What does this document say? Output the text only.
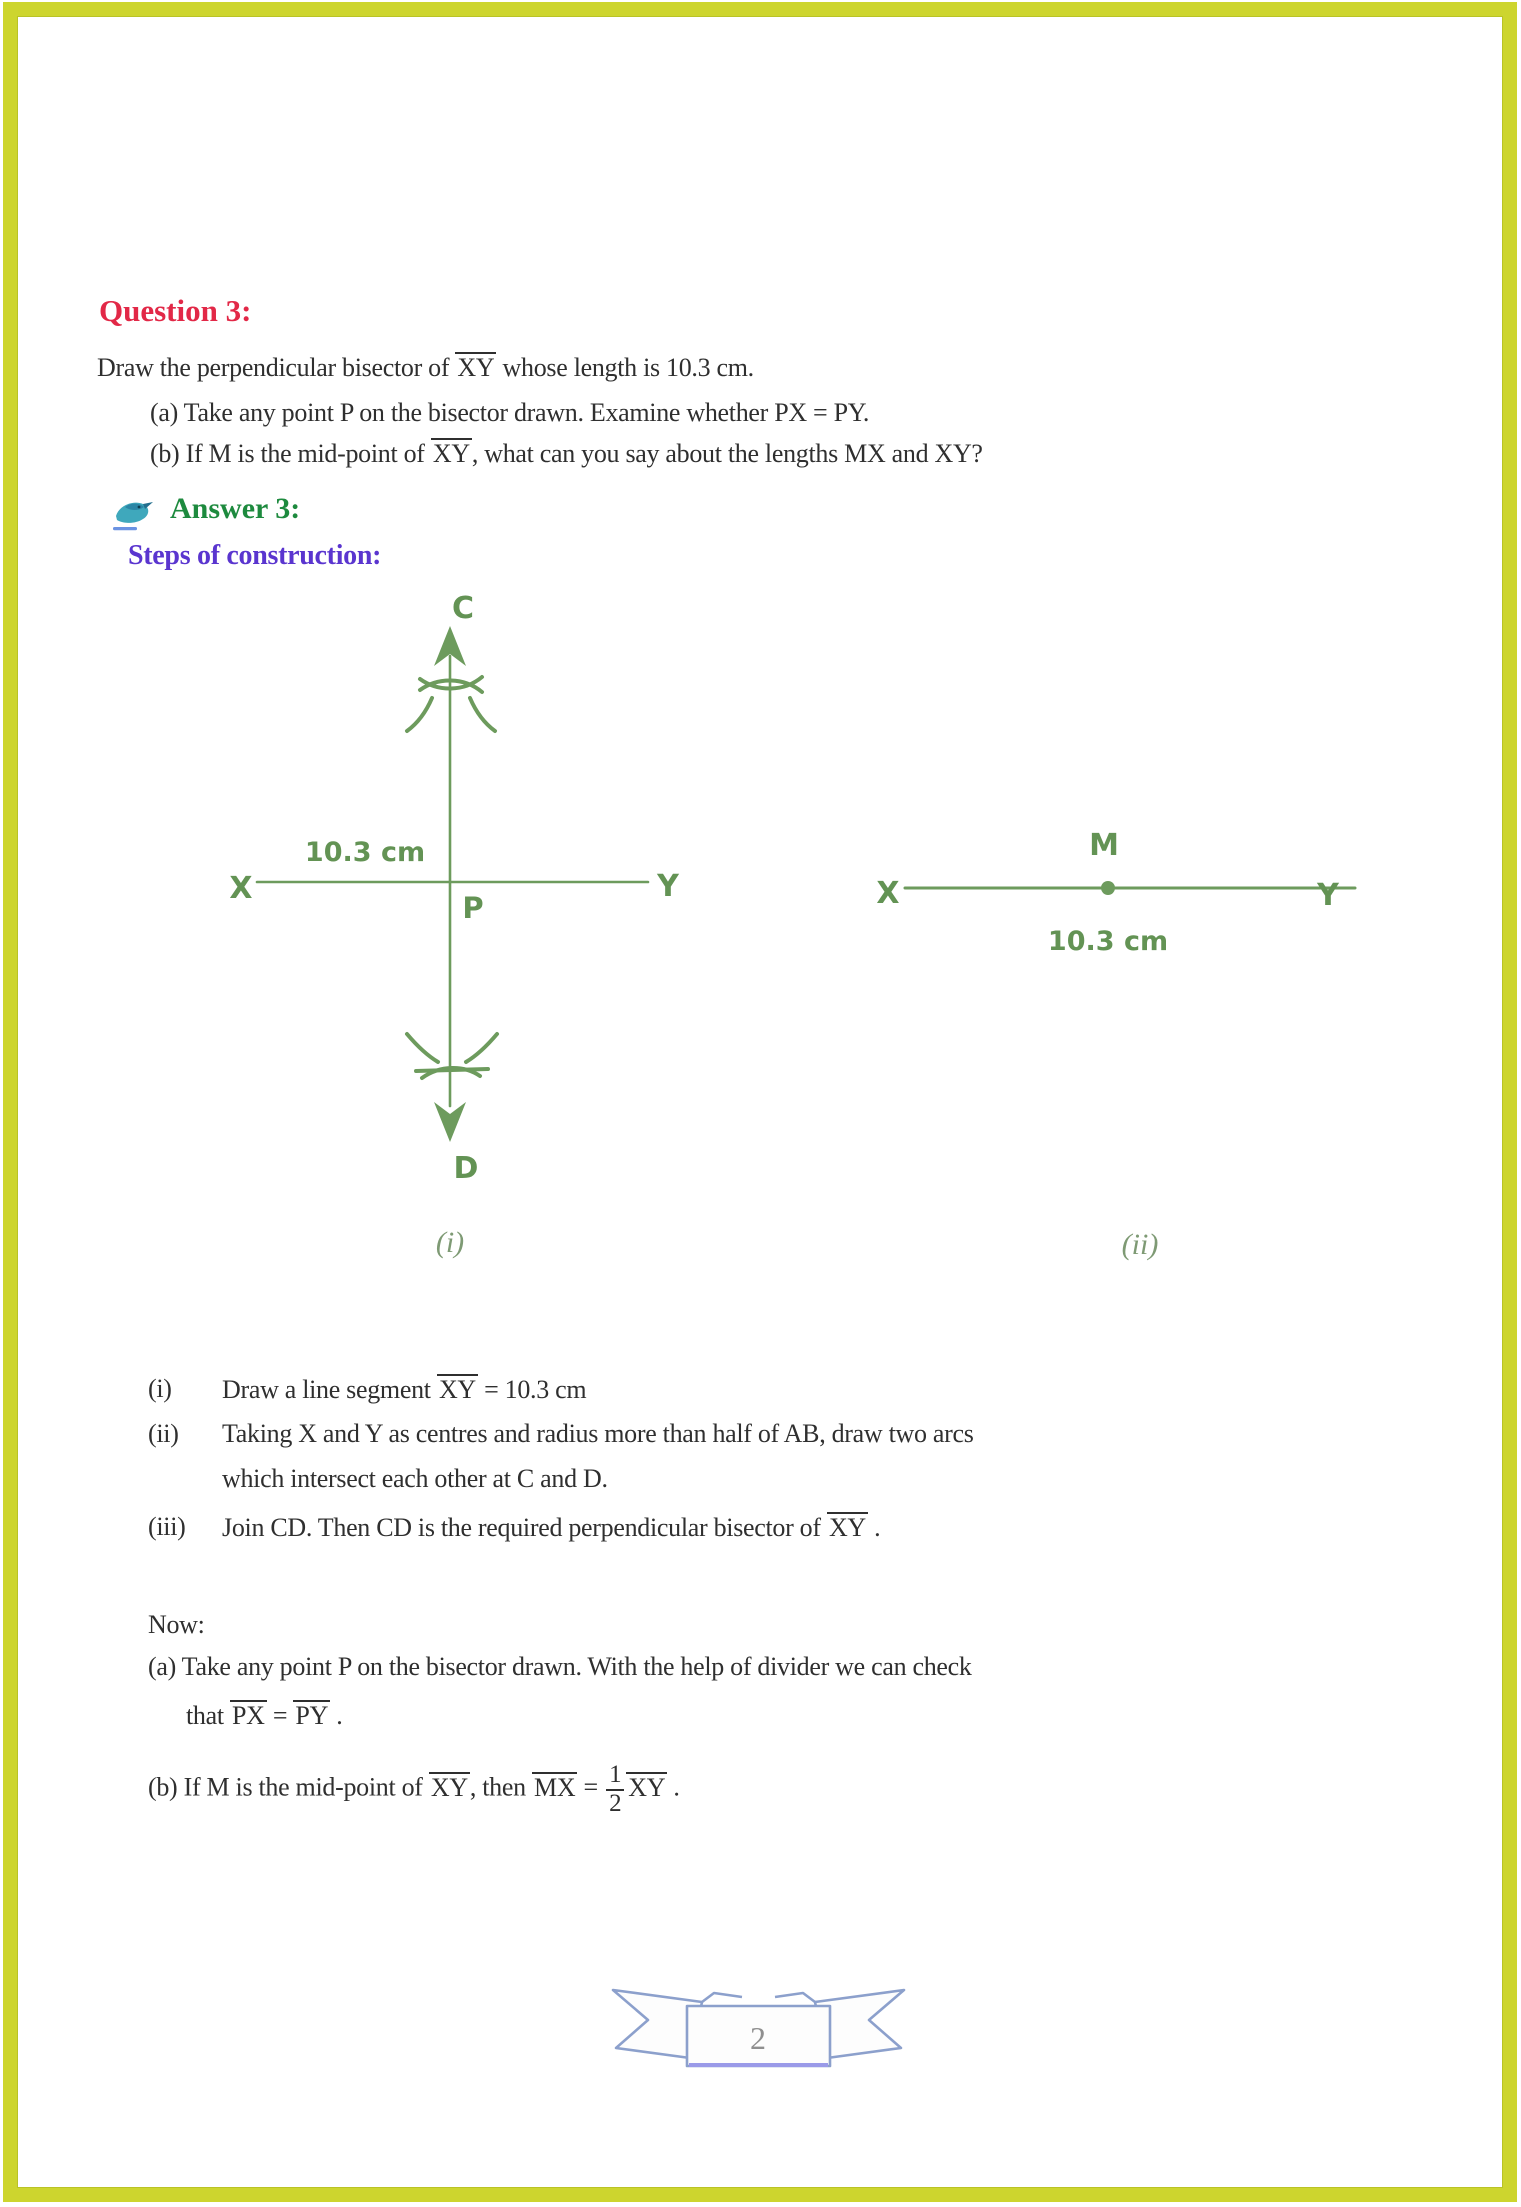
Question 3:
Draw the perpendicular bisector of XY whose length is 10.3 cm.
(a) Take any point P on the bisector drawn. Examine whether PX = PY.
(b) If M is the mid-point of XY, what can you say about the lengths MX and XY?
Answer 3:
Steps of construction:
C
X	Y
P
D
10.3 cm
(i)
X
M
Y
10.3 cm
(ii)
(i) Draw a line segment XY = 10.3 cm
(ii) Taking X and Y as centres and radius more than half of AB, draw two arcs
which intersect each other at C and D.
(iii) Join CD. Then CD is the required perpendicular bisector of XY .
Now:
(a) Take any point P on the bisector drawn. With the help of divider we can check
that PX = PY .
(b) If M is the mid-point of XY, then MX = $\frac{1}{2}$ XY .
2
